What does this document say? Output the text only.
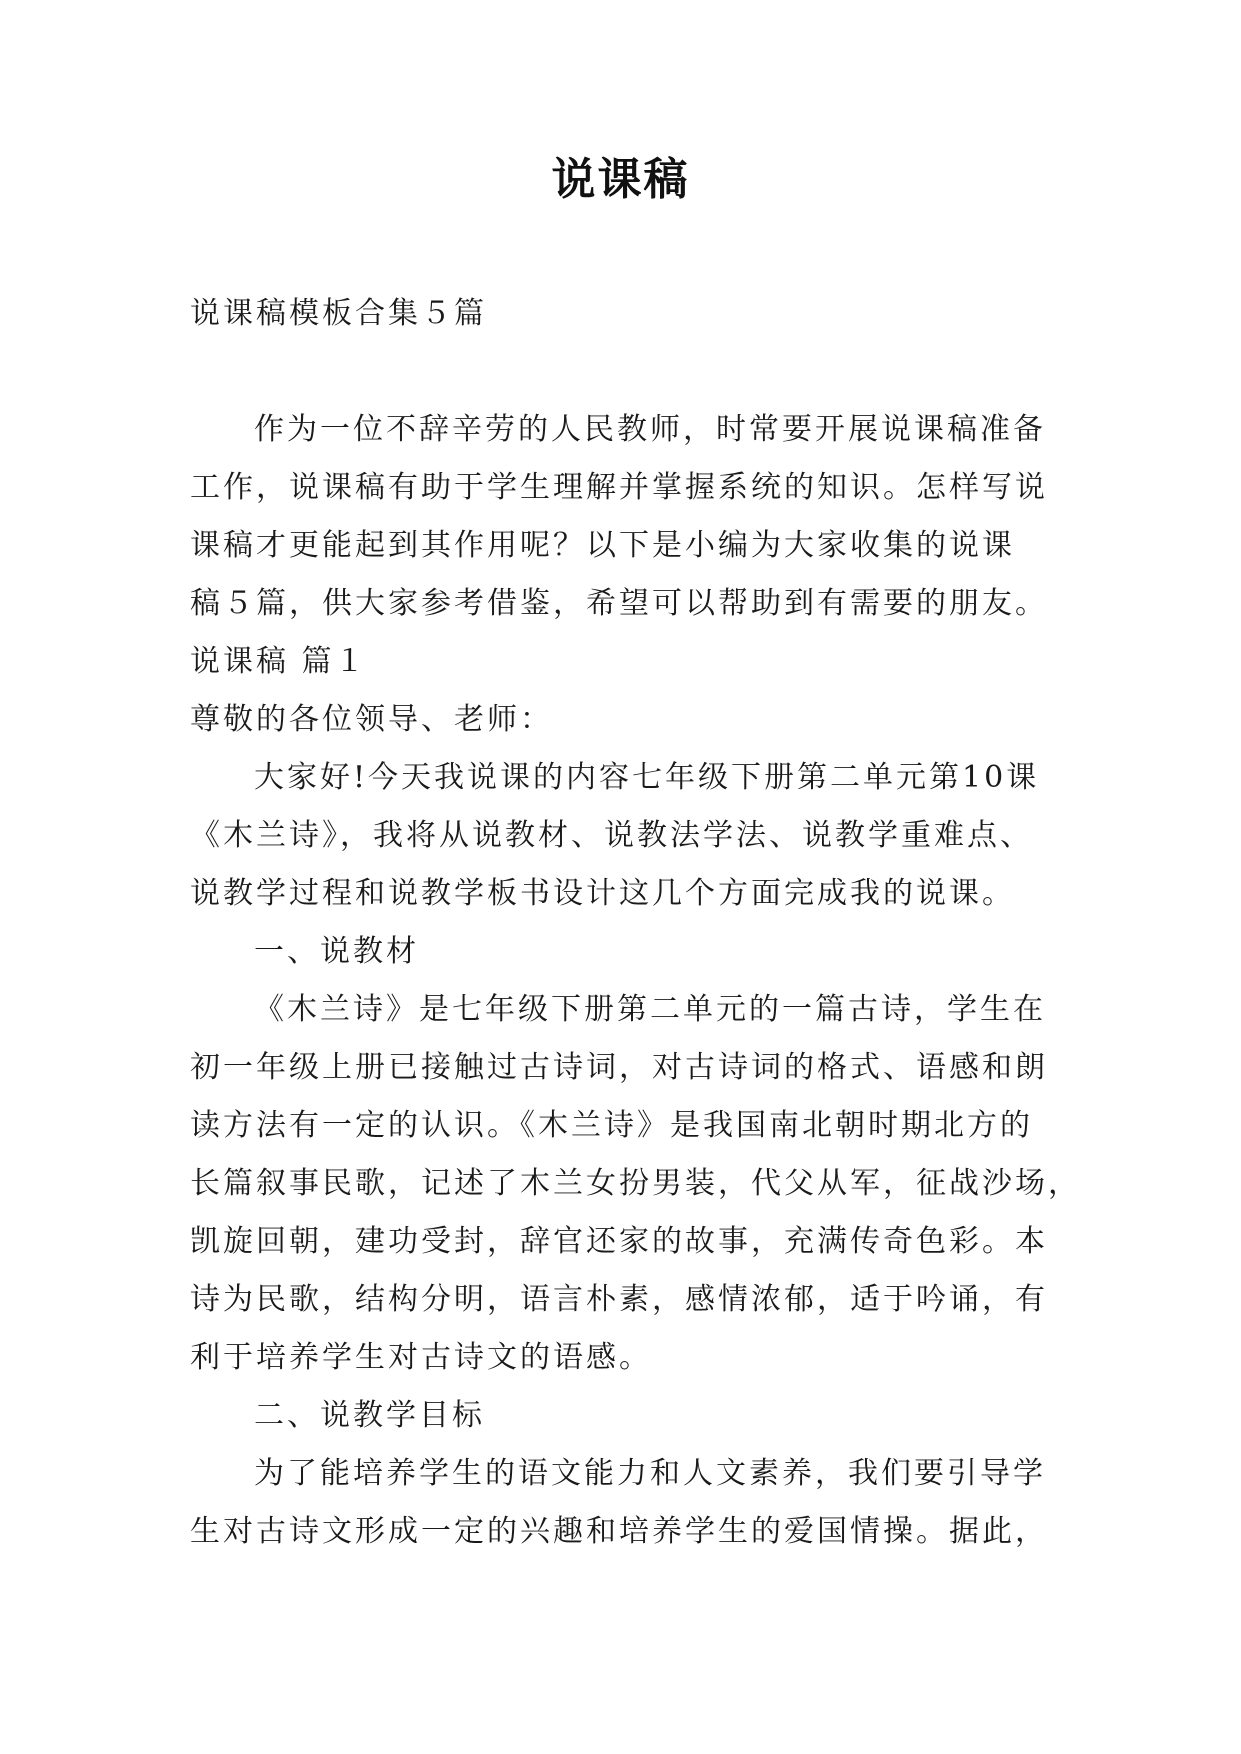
说课稿
说课稿模板合集５篇
作为一位不辞辛劳的人民教师，时常要开展说课稿准备
工作，说课稿有助于学生理解并掌握系统的知识。怎样写说
课稿才更能起到其作用呢？以下是小编为大家收集的说课
稿５篇，供大家参考借鉴，希望可以帮助到有需要的朋友。
说课稿 篇１
尊敬的各位领导、老师：
大家好!今天我说课的内容七年级下册第二单元第10课
《木兰诗》，我将从说教材、说教法学法、说教学重难点、
说教学过程和说教学板书设计这几个方面完成我的说课。
一、说教材
《木兰诗》是七年级下册第二单元的一篇古诗，学生在
初一年级上册已接触过古诗词，对古诗词的格式、语感和朗
读方法有一定的认识。《木兰诗》是我国南北朝时期北方的
长篇叙事民歌，记述了木兰女扮男装，代父从军，征战沙场，
凯旋回朝，建功受封，辞官还家的故事，充满传奇色彩。本
诗为民歌，结构分明，语言朴素，感情浓郁，适于吟诵，有
利于培养学生对古诗文的语感。
二、说教学目标
为了能培养学生的语文能力和人文素养，我们要引导学
生对古诗文形成一定的兴趣和培养学生的爱国情操。据此，
